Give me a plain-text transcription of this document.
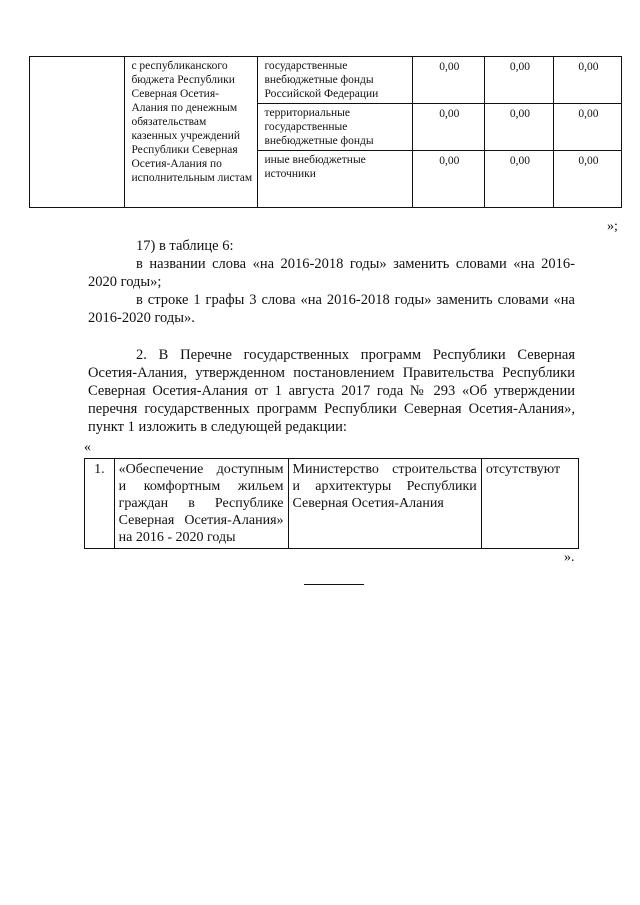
	с республиканского бюджета Республики Северная Осетия-Алания по денежным обязательствам казенных учреждений Республики Северная Осетия-Алания по исполнительным листам	государственные внебюджетные фонды Российской Федерации	0,00	0,00	0,00
		территориальные государственные внебюджетные фонды	0,00	0,00	0,00
		иные внебюджетные источники	0,00	0,00	0,00
»;
17) в таблице 6:
в названии слова «на 2016-2018 годы» заменить словами «на 2016-2020 годы»;
в строке 1 графы 3 слова «на 2016-2018 годы» заменить словами «на 2016-2020 годы».
2. В Перечне государственных программ Республики Северная Осетия-Алания, утвержденном постановлением Правительства Республики Северная Осетия-Алания от 1 августа 2017 года № 293 «Об утверждении перечня государственных программ Республики Северная Осетия-Алания», пункт 1 изложить в следующей редакции:
«
1.	«Обеспечение доступным и комфортным жильем граждан в Республике Северная Осетия-Алания» на 2016 - 2020 годы	Министерство строительства и архитектуры Республики Северная Осетия-Алания	отсутствуют
».
